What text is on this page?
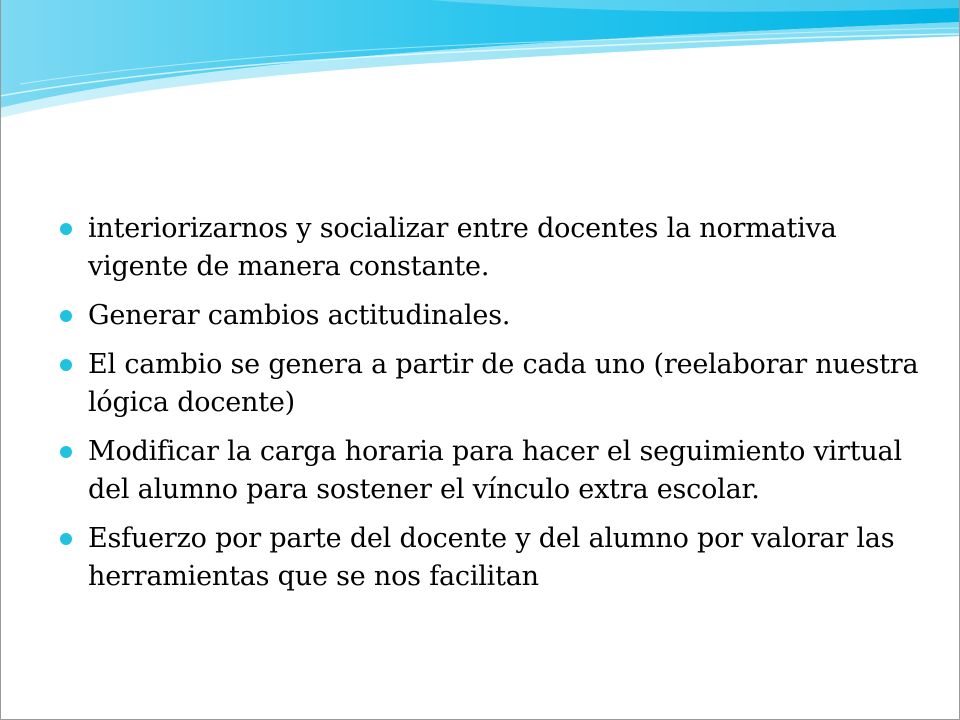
interiorizarnos y socializar entre docentes la normativa vigente de manera constante.
Generar cambios actitudinales.
El cambio se genera a partir de cada uno (reelaborar nuestra lógica docente)
Modificar la carga horaria para hacer el seguimiento virtual del alumno para sostener el vínculo extra escolar.
Esfuerzo por parte del docente y del alumno por valorar las herramientas que se nos facilitan
